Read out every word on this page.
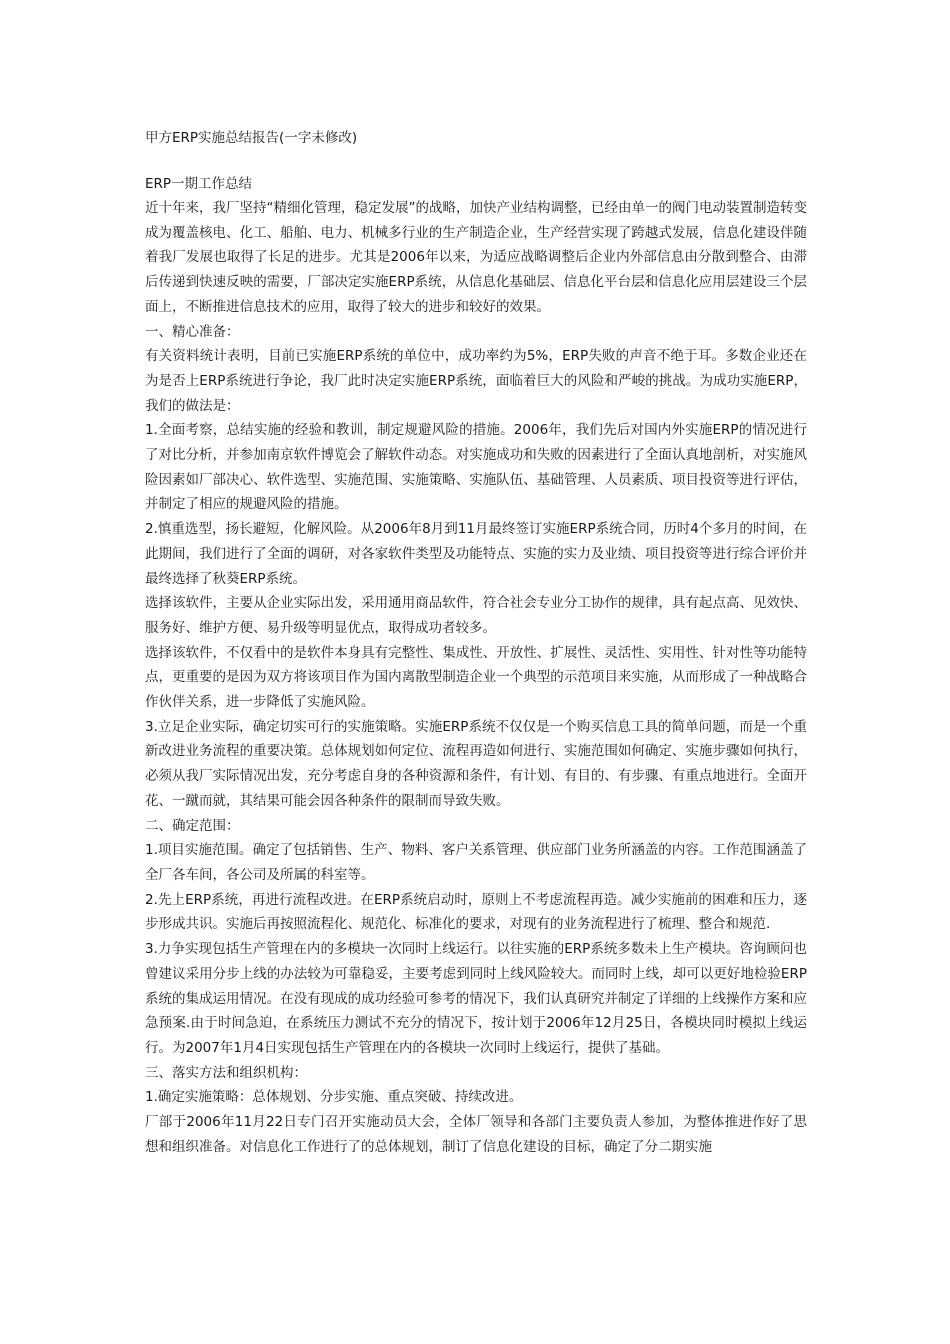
甲方ERP实施总结报告(一字未修改)
ERP一期工作总结

近十年来，我厂坚持“精细化管理，稳定发展”的战略，加快产业结构调整，已经由单一的阀门电动装置制造转变成为覆盖核电、化工、船舶、电力、机械多行业的生产制造企业，生产经营实现了跨越式发展，信息化建设伴随着我厂发展也取得了长足的进步。尤其是2006年以来，为适应战略调整后企业内外部信息由分散到整合、由滞后传递到快速反映的需要，厂部决定实施ERP系统，从信息化基础层、信息化平台层和信息化应用层建设三个层面上，不断推进信息技术的应用，取得了较大的进步和较好的效果。

一、精心准备：

有关资料统计表明，目前已实施ERP系统的单位中，成功率约为5%，ERP失败的声音不绝于耳。多数企业还在为是否上ERP系统进行争论，我厂此时决定实施ERP系统，面临着巨大的风险和严峻的挑战。为成功实施ERP，我们的做法是：

1.全面考察，总结实施的经验和教训，制定规避风险的措施。2006年，我们先后对国内外实施ERP的情况进行了对比分析，并参加南京软件博览会了解软件动态。对实施成功和失败的因素进行了全面认真地剖析，对实施风险因素如厂部决心、软件选型、实施范围、实施策略、实施队伍、基础管理、人员素质、项目投资等进行评估，并制定了相应的规避风险的措施。

2.慎重选型，扬长避短，化解风险。从2006年8月到11月最终签订实施ERP系统合同，历时4个多月的时间，在此期间，我们进行了全面的调研，对各家软件类型及功能特点、实施的实力及业绩、项目投资等进行综合评价并最终选择了秋葵ERP系统。

选择该软件，主要从企业实际出发，采用通用商品软件，符合社会专业分工协作的规律，具有起点高、见效快、服务好、维护方便、易升级等明显优点，取得成功者较多。

选择该软件，不仅看中的是软件本身具有完整性、集成性、开放性、扩展性、灵活性、实用性、针对性等功能特点，更重要的是因为双方将该项目作为国内离散型制造企业一个典型的示范项目来实施，从而形成了一种战略合作伙伴关系，进一步降低了实施风险。

3.立足企业实际，确定切实可行的实施策略。实施ERP系统不仅仅是一个购买信息工具的简单问题，而是一个重新改进业务流程的重要决策。总体规划如何定位、流程再造如何进行、实施范围如何确定、实施步骤如何执行，必须从我厂实际情况出发，充分考虑自身的各种资源和条件，有计划、有目的、有步骤、有重点地进行。全面开花、一蹴而就，其结果可能会因各种条件的限制而导致失败。

二、确定范围：

1.项目实施范围。确定了包括销售、生产、物料、客户关系管理、供应部门业务所涵盖的内容。工作范围涵盖了全厂各车间，各公司及所属的科室等。

2.先上ERP系统，再进行流程改进。在ERP系统启动时，原则上不考虑流程再造。减少实施前的困难和压力，逐步形成共识。实施后再按照流程化、规范化、标准化的要求，对现有的业务流程进行了梳理、整合和规范.

3.力争实现包括生产管理在内的多模块一次同时上线运行。以往实施的ERP系统多数未上生产模块。咨询顾问也曾建议采用分步上线的办法较为可靠稳妥，主要考虑到同时上线风险较大。而同时上线，却可以更好地检验ERP系统的集成运用情况。在没有现成的成功经验可参考的情况下，我们认真研究并制定了详细的上线操作方案和应急预案.由于时间急迫，在系统压力测试不充分的情况下，按计划于2006年12月25日，各模块同时模拟上线运行。为2007年1月4日实现包括生产管理在内的各模块一次同时上线运行，提供了基础。

三、落实方法和组织机构：

1.确定实施策略：总体规划、分步实施、重点突破、持续改进。

厂部于2006年11月22日专门召开实施动员大会，全体厂领导和各部门主要负责人参加，为整体推进作好了思想和组织准备。对信息化工作进行了的总体规划，制订了信息化建设的目标，确定了分二期实施
